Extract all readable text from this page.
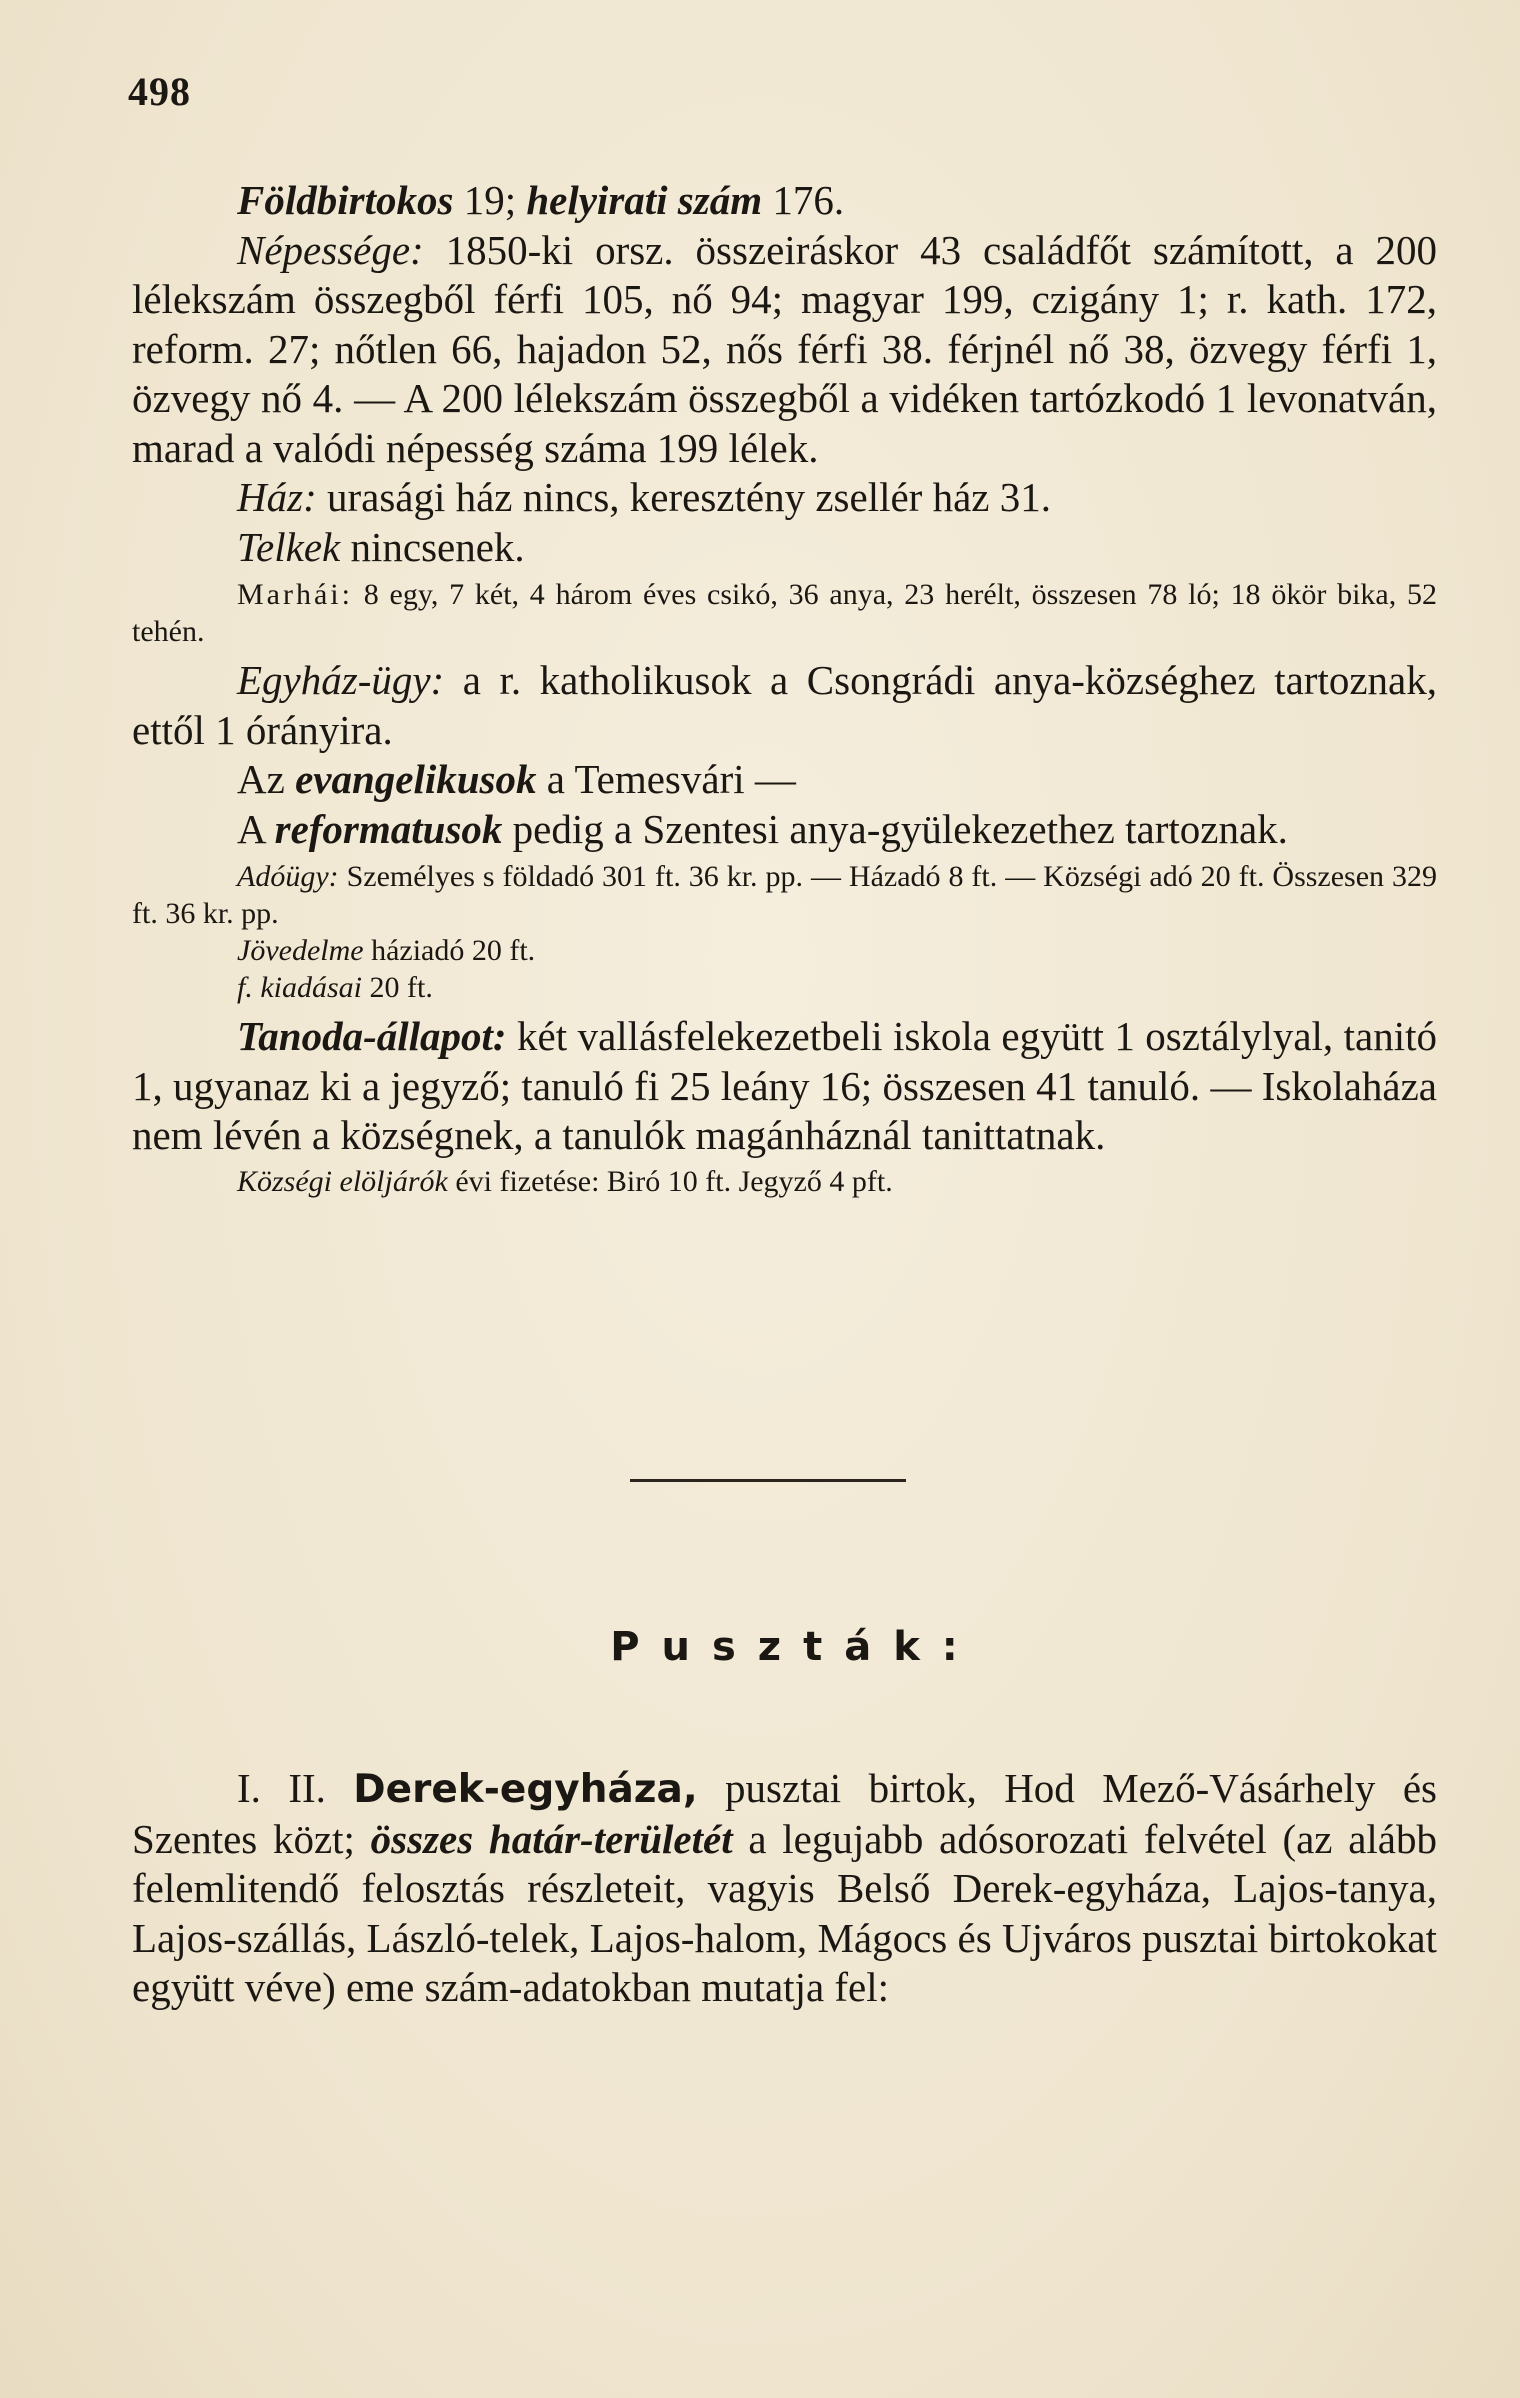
498

Földbirtokos 19; helyirati szám 176.

Népessége: 1850-ki orsz. összeiráskor 43 családfőt számított, a 200 lélekszám összegből férfi 105, nő 94; magyar 199, czigány 1; r. kath. 172, reform. 27; nőtlen 66, hajadon 52, nős férfi 38. férjnél nő 38, özvegy férfi 1, özvegy nő 4. — A 200 lélekszám összegből a vidéken tartózkodó 1 levonatván, marad a valódi népesség száma 199 lélek.

Ház: urasági ház nincs, keresztény zsellér ház 31.

Telkek nincsenek.

Marhái: 8 egy, 7 két, 4 három éves csikó, 36 anya, 23 herélt, összesen 78 ló; 18 ökör bika, 52 tehén.

Egyház-ügy: a r. katholikusok a Csongrádi anya-községhez tartoznak, ettől 1 órányira.

Az evangelikusok a Temesvári —

A reformatusok pedig a Szentesi anya-gyülekezethez tartoznak.

Adóügy: Személyes s földadó 301 ft. 36 kr. pp. — Házadó 8 ft. — Községi adó 20 ft. Összesen 329 ft. 36 kr. pp.

Jövedelme háziadó 20 ft.

f. kiadásai 20 ft.

Tanoda-állapot: két vallásfelekezetbeli iskola együtt 1 osztálylyal, tanitó 1, ugyanaz ki a jegyző; tanuló fi 25 leány 16; összesen 41 tanuló. — Iskolaháza nem lévén a községnek, a tanulók magánháznál tanittatnak.

Községi elöljárók évi fizetése: Biró 10 ft. Jegyző 4 pft.

Puszták:

I. II. Derek-egyháza, pusztai birtok, Hod Mező-Vásárhely és Szentes közt; összes határ-területét a legujabb adósorozati felvétel (az alább felemlitendő felosztás részleteit, vagyis Belső Derek-egyháza, Lajos-tanya, Lajos-szállás, László-telek, Lajos-halom, Mágocs és Ujváros pusztai birtokokat együtt véve) eme szám-adatokban mutatja fel:
